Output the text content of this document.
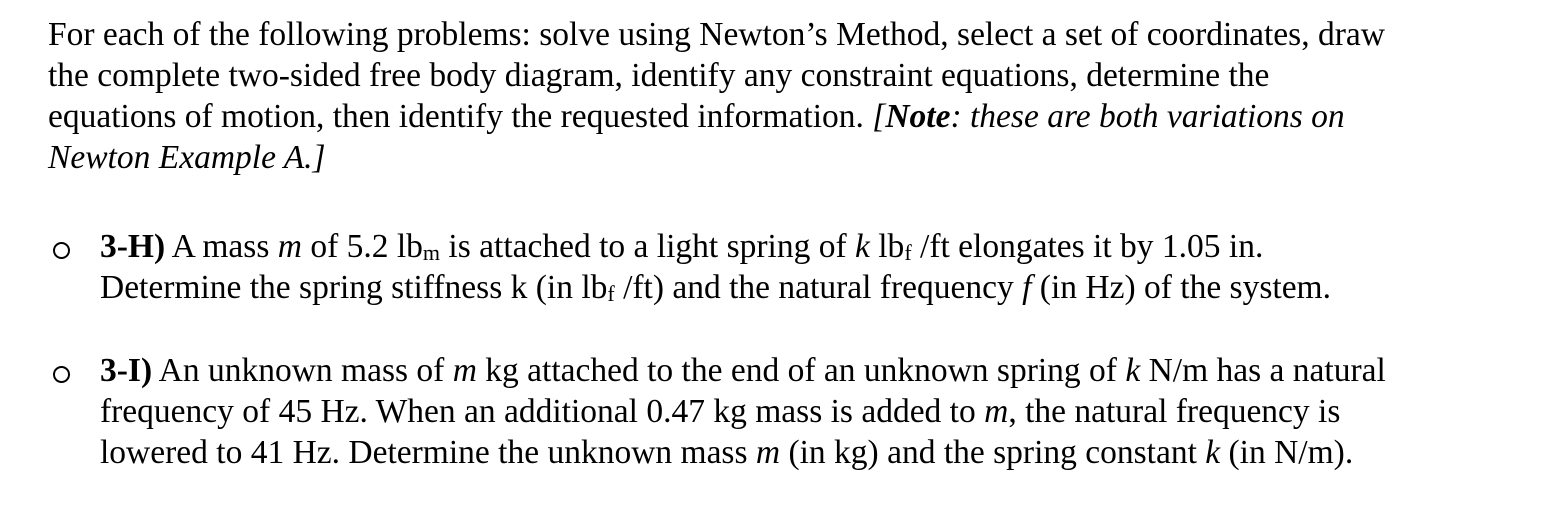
For each of the following problems: solve using Newton’s Method, select a set of coordinates, draw
the complete two-sided free body diagram, identify any constraint equations, determine the
equations of motion, then identify the requested information. [Note: these are both variations on
Newton Example A.]

3-H) A mass m of 5.2 $lb_m$ is attached to a light spring of k $lb_f$ /ft elongates it by 1.05 in.
Determine the spring stiffness k (in $lb_f$ /ft) and the natural frequency f (in Hz) of the system.
3-I) An unknown mass of m kg attached to the end of an unknown spring of k N/m has a natural
frequency of 45 Hz. When an additional 0.47 kg mass is added to m, the natural frequency is
lowered to 41 Hz. Determine the unknown mass m (in kg) and the spring constant k (in N/m).
